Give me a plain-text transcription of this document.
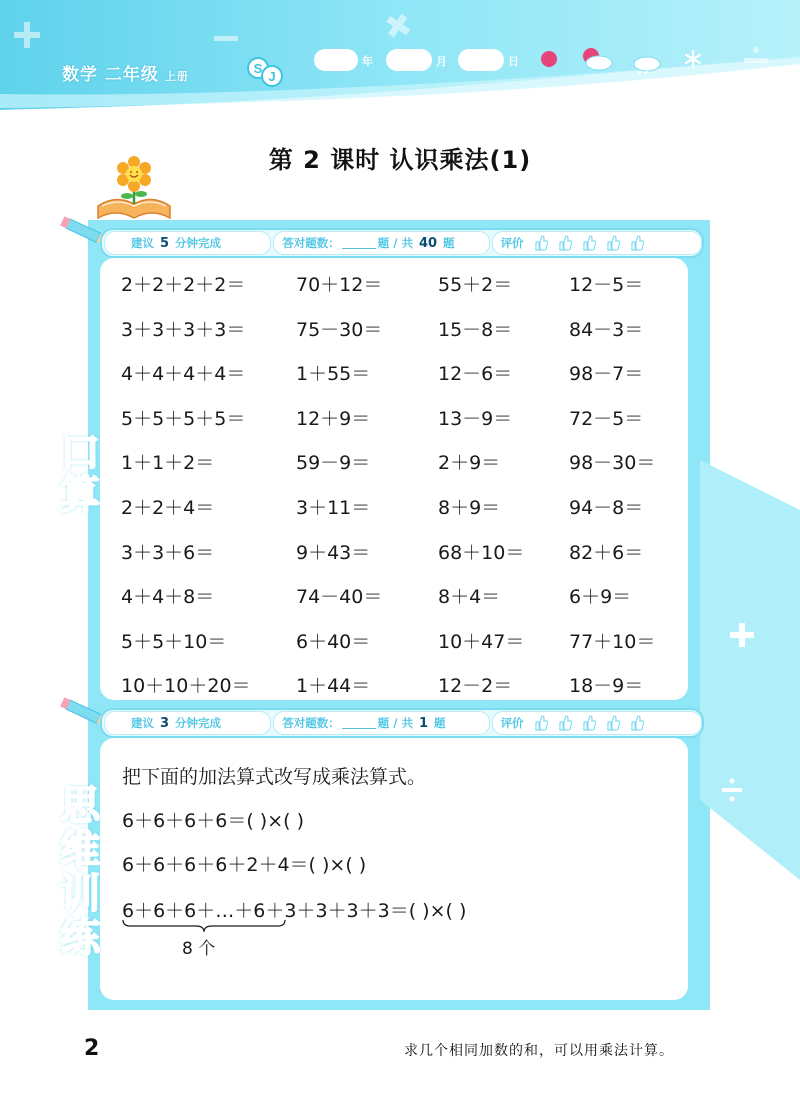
数学 二年级 上册
S
J
年	月	日
第 2 课时 认识乘法(1)
建议 5 分钟完成	答对题数：	题 / 共 40 题	评价
口
算
2＋2＋2＋2＝
3＋3＋3＋3＝
4＋4＋4＋4＝
5＋5＋5＋5＝
1＋1＋2＝
2＋2＋4＝
3＋3＋6＝
4＋4＋8＝
5＋5＋10＝
10＋10＋20＝
70＋12＝
75－30＝
1＋55＝
12＋9＝
59－9＝
3＋11＝
9＋43＝
74－40＝
6＋40＝
1＋44＝
55＋2＝
15－8＝
12－6＝
13－9＝
2＋9＝
8＋9＝
68＋10＝
8＋4＝
10＋47＝
12－2＝
12－5＝
84－3＝
98－7＝
72－5＝
98－30＝
94－8＝
82＋6＝
6＋9＝
77＋10＝
18－9＝
建议 3 分钟完成	答对题数：	题 / 共 1 题	评价
思
维
训
练
把下面的加法算式改写成乘法算式。
6＋6＋6＋6＝( )×( )
6＋6＋6＋6＋2＋4＝( )×( )
6＋6＋6＋…＋6＋3＋3＋3＋3＝( )×( )
8 个
2	求几个相同加数的和，可以用乘法计算。
